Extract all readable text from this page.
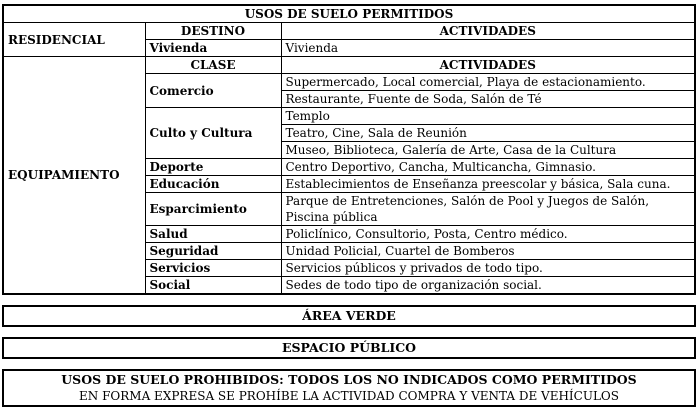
USOS DE SUELO PERMITIDOS		
RESIDENCIAL	DESTINO	ACTIVIDADES
	Vivienda	Vivienda
EQUIPAMIENTO	CLASE	ACTIVIDADES
	Comercio	Supermercado, Local comercial, Playa de estacionamiento.
		Restaurante, Fuente de Soda, Salón de Té
	Culto y Cultura	Templo
		Teatro, Cine, Sala de Reunión
		Museo, Biblioteca, Galería de Arte, Casa de la Cultura
	Deporte	Centro Deportivo, Cancha, Multicancha, Gimnasio.
	Educación	Establecimientos de Enseñanza preescolar y básica, Sala cuna.
	Esparcimiento	Parque de Entretenciones, Salón de Pool y Juegos de Salón, Piscina pública
	Salud	Policlínico, Consultorio, Posta, Centro médico.
	Seguridad	Unidad Policial, Cuartel de Bomberos
	Servicios	Servicios públicos y privados de todo tipo.
	Social	Sedes de todo tipo de organización social.
ÁREA VERDE
ESPACIO PÚBLICO
USOS DE SUELO PROHIBIDOS: TODOS LOS NO INDICADOS COMO PERMITIDOS
EN FORMA EXPRESA SE PROHÍBE LA ACTIVIDAD COMPRA Y VENTA DE VEHÍCULOS
